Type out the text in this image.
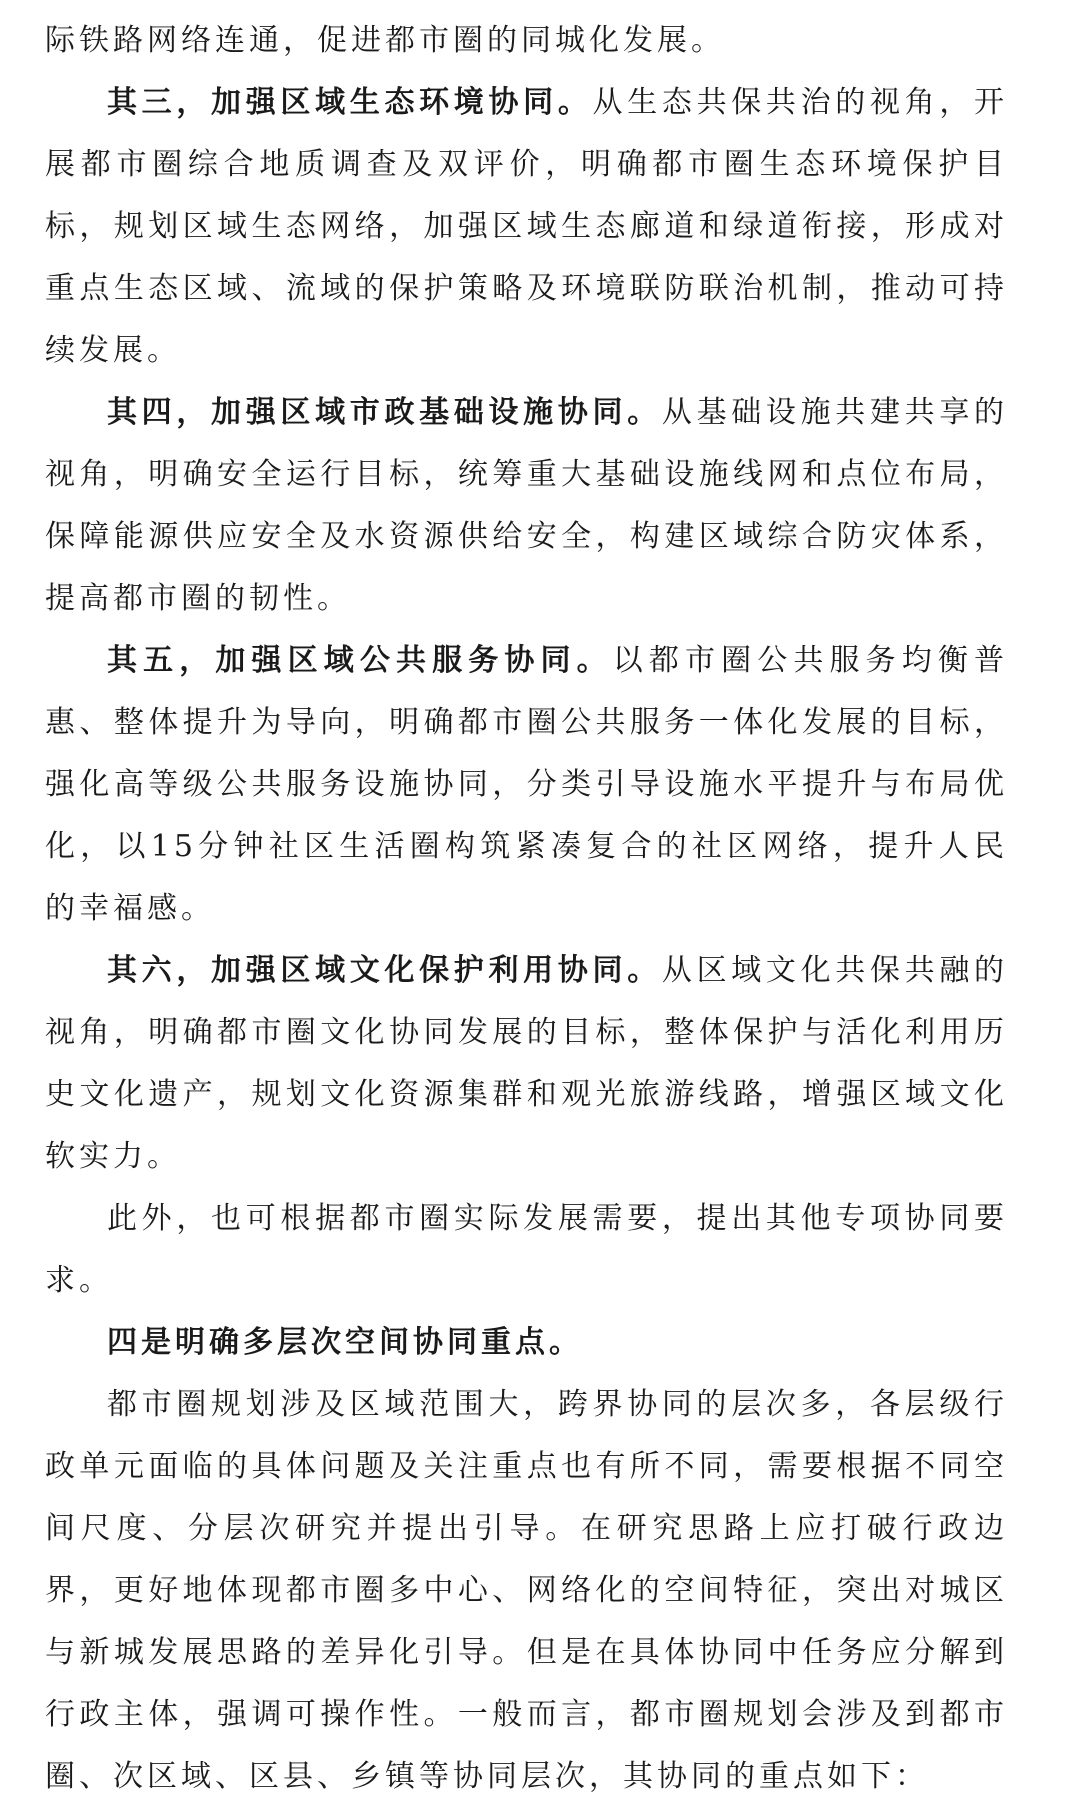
际铁路网络连通，促进都市圈的同城化发展。

其三，加强区域生态环境协同。从生态共保共治的视角，开展都市圈综合地质调查及双评价，明确都市圈生态环境保护目标，规划区域生态网络，加强区域生态廊道和绿道衔接，形成对重点生态区域、流域的保护策略及环境联防联治机制，推动可持续发展。

其四，加强区域市政基础设施协同。从基础设施共建共享的视角，明确安全运行目标，统筹重大基础设施线网和点位布局，保障能源供应安全及水资源供给安全，构建区域综合防灾体系，提高都市圈的韧性。

其五，加强区域公共服务协同。以都市圈公共服务均衡普惠、整体提升为导向，明确都市圈公共服务一体化发展的目标，强化高等级公共服务设施协同，分类引导设施水平提升与布局优化，以15分钟社区生活圈构筑紧凑复合的社区网络，提升人民的幸福感。

其六，加强区域文化保护利用协同。从区域文化共保共融的视角，明确都市圈文化协同发展的目标，整体保护与活化利用历史文化遗产，规划文化资源集群和观光旅游线路，增强区域文化软实力。

此外，也可根据都市圈实际发展需要，提出其他专项协同要求。

四是明确多层次空间协同重点。

都市圈规划涉及区域范围大，跨界协同的层次多，各层级行政单元面临的具体问题及关注重点也有所不同，需要根据不同空间尺度、分层次研究并提出引导。在研究思路上应打破行政边界，更好地体现都市圈多中心、网络化的空间特征，突出对城区与新城发展思路的差异化引导。但是在具体协同中任务应分解到行政主体，强调可操作性。一般而言，都市圈规划会涉及到都市圈、次区域、区县、乡镇等协同层次，其协同的重点如下：
